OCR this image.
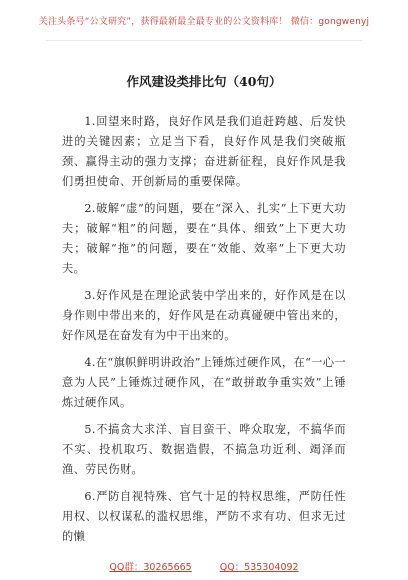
关注头条号“公文研究”，获得最新最全最专业的公文资料库！ 微信：gongwenyj
作风建设类排比句（40句）

1.回望来时路，良好作风是我们追赶跨越、后发快进的关键因素；立足当下看，良好作风是我们突破瓶颈、赢得主动的强力支撑；奋进新征程，良好作风是我们勇担使命、开创新局的重要保障。

2.破解“虚”的问题，要在“深入、扎实”上下更大功夫；破解“粗”的问题，要在“具体、细致”上下更大功夫；破解“拖”的问题，要在“效能、效率”上下更大功夫。

3.好作风是在理论武装中学出来的，好作风是在以身作则中带出来的，好作风是在动真碰硬中管出来的，好作风是在奋发有为中干出来的。

4.在“旗帜鲜明讲政治”上锤炼过硬作风，在“一心一意为人民”上锤炼过硬作风，在“敢拼敢争重实效”上锤炼过硬作风。

5.不搞贪大求洋、盲目蛮干、哗众取宠，不搞华而不实、投机取巧、数据造假，不搞急功近利、竭泽而渔、劳民伤财。

6.严防自视特殊、官气十足的特权思维，严防任性用权、以权谋私的滥权思维，严防不求有功、但求无过的懒

QQ群：30265665	QQ：535304092
